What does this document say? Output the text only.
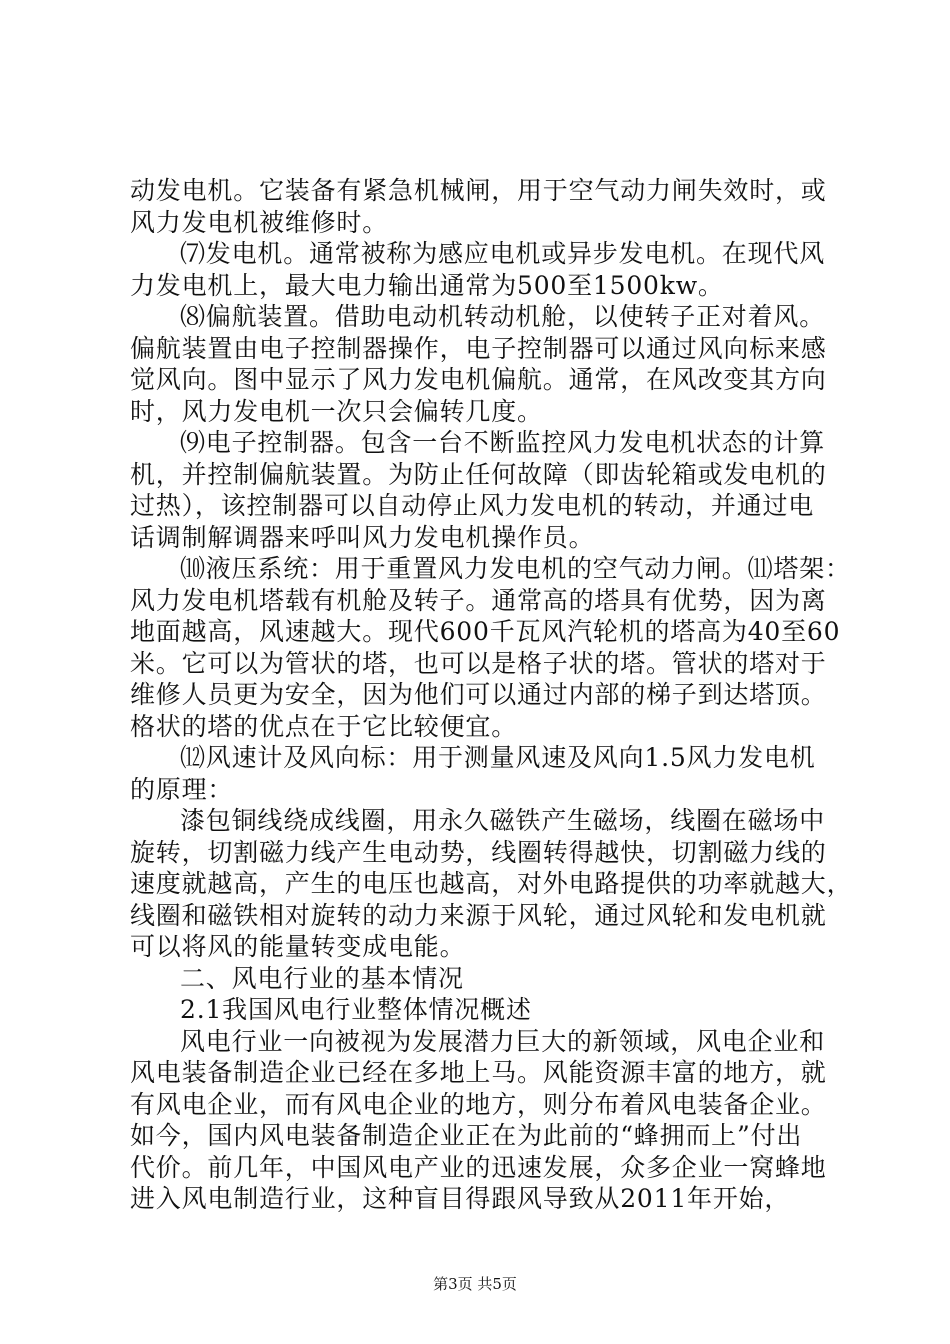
动发电机。它装备有紧急机械闸，用于空气动力闸失效时，或
风力发电机被维修时。
⑺发电机。通常被称为感应电机或异步发电机。在现代风
力发电机上，最大电力输出通常为500至1500kw。
⑻偏航装置。借助电动机转动机舱，以使转子正对着风。
偏航装置由电子控制器操作，电子控制器可以通过风向标来感
觉风向。图中显示了风力发电机偏航。通常，在风改变其方向
时，风力发电机一次只会偏转几度。
⑼电子控制器。包含一台不断监控风力发电机状态的计算
机，并控制偏航装置。为防止任何故障（即齿轮箱或发电机的
过热），该控制器可以自动停止风力发电机的转动，并通过电
话调制解调器来呼叫风力发电机操作员。
⑽液压系统：用于重置风力发电机的空气动力闸。⑾塔架：
风力发电机塔载有机舱及转子。通常高的塔具有优势，因为离
地面越高，风速越大。现代600千瓦风汽轮机的塔高为40至60
米。它可以为管状的塔，也可以是格子状的塔。管状的塔对于
维修人员更为安全，因为他们可以通过内部的梯子到达塔顶。
格状的塔的优点在于它比较便宜。
⑿风速计及风向标：用于测量风速及风向1.5风力发电机
的原理：
漆包铜线绕成线圈，用永久磁铁产生磁场，线圈在磁场中
旋转，切割磁力线产生电动势，线圈转得越快，切割磁力线的
速度就越高，产生的电压也越高，对外电路提供的功率就越大，
线圈和磁铁相对旋转的动力来源于风轮，通过风轮和发电机就
可以将风的能量转变成电能。
二、风电行业的基本情况
2.1我国风电行业整体情况概述
风电行业一向被视为发展潜力巨大的新领域，风电企业和
风电装备制造企业已经在多地上马。风能资源丰富的地方，就
有风电企业，而有风电企业的地方，则分布着风电装备企业。
如今，国内风电装备制造企业正在为此前的“蜂拥而上”付出
代价。前几年，中国风电产业的迅速发展，众多企业一窝蜂地
进入风电制造行业，这种盲目得跟风导致从2011年开始，
第3页 共5页
